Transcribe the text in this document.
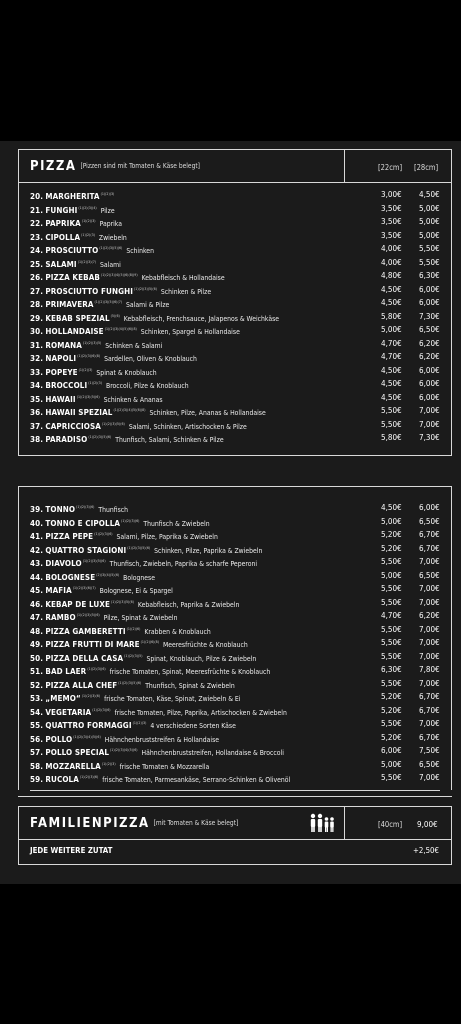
PIZZA [Pizzen sind mit Tomaten & Käse belegt]	[22cm] [28cm]
20. $MARGHERITA^{(1)(2)(3)}$	3,00€ 4,50€
21. $FUNGHI^{(1)(2)(3)(4)}$ Pilze	3,50€ 5,00€
22. $PAPRIKA^{(1)(2)(3)}$ Paprika	3,50€ 5,00€
23. $CIPOLLA^{(1)(2)(3)}$ Zwiebeln	3,50€ 5,00€
24. $PROSCIUTTO^{(1)(2)(3)(5)(6)}$ Schinken	4,00€ 5,50€
25. $SALAMI^{(1)(2)(3)(7)}$ Salami	4,00€ 5,50€
26. PIZZA $KEBAB^{(1)(2)(3)(4)(5)(6)(8)(9)}$ Kebabfleisch & Hollandaise	4,80€ 6,30€
27. PROSCIUTTO $FUNGHI^{(1)(2)(3)(5)(6)}$ Schinken & Pilze	4,50€ 6,00€
28. $PRIMAVERA^{(1)(2)(3)(5)(6)(7)}$ Salami & Pilze	4,50€ 6,00€
29. KEBAB $SPEZIAL^{(5)(6)}$ Kebabfleisch, Frenchsauce, Jalapenos & Weichkäse	5,80€ 7,30€
30. $HOLLANDAISE^{(1)(2)(3)(4)(5)(6)(8)}$ Schinken, Spargel & Hollandaise	5,00€ 6,50€
31. $ROMANA^{(1)(2)(3)(5)}$ Schinken & Salami	4,70€ 6,20€
32. $NAPOLI^{(1)(2)(3)(6)(8)}$ Sardellen, Oliven & Knoblauch	4,70€ 6,20€
33. $POPEYE^{(1)(2)(3)}$ Spinat & Knoblauch	4,50€ 6,00€
34. $BROCCOLI^{(1)(2)(3)}$ Broccoli, Pilze & Knoblauch	4,50€ 6,00€
35. $HAWAII^{(1)(2)(3)(5)(6)}$ Schinken & Ananas	4,50€ 6,00€
36. HAWAII $SPEZIAL^{(1)(2)(3)(4)(5)(6)(8)}$ Schinken, Pilze, Ananas & Hollandaise	5,50€ 7,00€
37. $CAPRICCIOSA^{(1)(2)(3)(5)(6)}$ Salami, Schinken, Artischocken & Pilze	5,50€ 7,00€
38. $PARADISO^{(1)(2)(3)(5)(6)}$ Thunfisch, Salami, Schinken & Pilze	5,80€ 7,30€
39. $TONNO^{(1)(2)(3)(6)}$ Thunfisch	4,50€ 6,00€
40. TONNO E $CIPOLLA^{(1)(2)(3)(6)}$ Thunfisch & Zwiebeln	5,00€ 6,50€
41. PIZZA $PEPE^{(1)(2)(3)(6)}$ Salami, Pilze, Paprika & Zwiebeln	5,20€ 6,70€
42. QUATTRO $STAGIONI^{(1)(2)(3)(5)(6)}$ Schinken, Pilze, Paprika & Zwiebeln	5,20€ 6,70€
43. $DIAVOLO^{(1)(2)(3)(5)(6)}$ Thunfisch, Zwiebeln, Paprika & scharfe Peperoni	5,50€ 7,00€
44. $BOLOGNESE^{(2)(3)(4)(5)(6)}$ Bolognese	5,00€ 6,50€
45. $MAFIA^{(1)(2)(3)(6)(7)}$ Bolognese, Ei & Spargel	5,50€ 7,00€
46. KEBAP DE $LUXE^{(1)(2)(3)(5)(6)}$ Kebabfleisch, Paprika & Zwiebeln	5,50€ 7,00€
47. $RAMBO^{(1)(2)(3)(5)(6)}$ Pilze, Spinat & Zwiebeln	4,70€ 6,20€
48. PIZZA $GAMBERETTI^{(1)(2)(6)}$ Krabben & Knoblauch	5,50€ 7,00€
49. PIZZA FRUTTI DI $MARE^{(1)(2)(6)(8)}$ Meeresfrüchte & Knoblauch	5,50€ 7,00€
50. PIZZA DELLA $CASA^{(1)(2)(3)(5)}$ Spinat, Knoblauch, Pilze & Zwiebeln	5,50€ 7,00€
51. BAD $LAER^{(1)(2)(3)(6)}$ frische Tomaten, Spinat, Meeresfrüchte & Knoblauch	6,30€ 7,80€
52. PIZZA ALLA $CHEF^{(1)(2)(3)(5)(6)}$ Thunfisch, Spinat & Zwiebeln	5,50€ 7,00€
53. „MEMO“$^{(1)(2)(3)(6)}$ frische Tomaten, Käse, Spinat, Zwiebeln & Ei	5,20€ 6,70€
54. $VEGETARIA^{(1)(2)(3)(6)}$ frische Tomaten, Pilze, Paprika, Artischocken & Zwiebeln	5,20€ 6,70€
55. QUATTRO $FORMAGGI^{(1)(2)(3)}$ 4 verschiedene Sorten Käse	5,50€ 7,00€
56. $POLLO^{(1)(2)(3)(4)(5)(6)}$ Hähnchenbruststreifen & Hollandaise	5,20€ 6,70€
57. POLLO $SPECIAL^{(1)(2)(3)(4)(5)(6)}$ Hähnchenbruststreifen, Hollandaise & Broccoli	6,00€ 7,50€
58. $MOZZARELLA^{(1)(2)(3)}$ frische Tomaten & Mozzarella	5,00€ 6,50€
59. $RUCOLA^{(1)(2)(3)(6)}$ frische Tomaten, Parmesankäse, Serrano-Schinken & Olivenöl	5,50€ 7,00€
FAMILIENPIZZA [mit Tomaten & Käse belegt]	[40cm] 9,00€
JEDE WEITERE ZUTAT	+2,50€
